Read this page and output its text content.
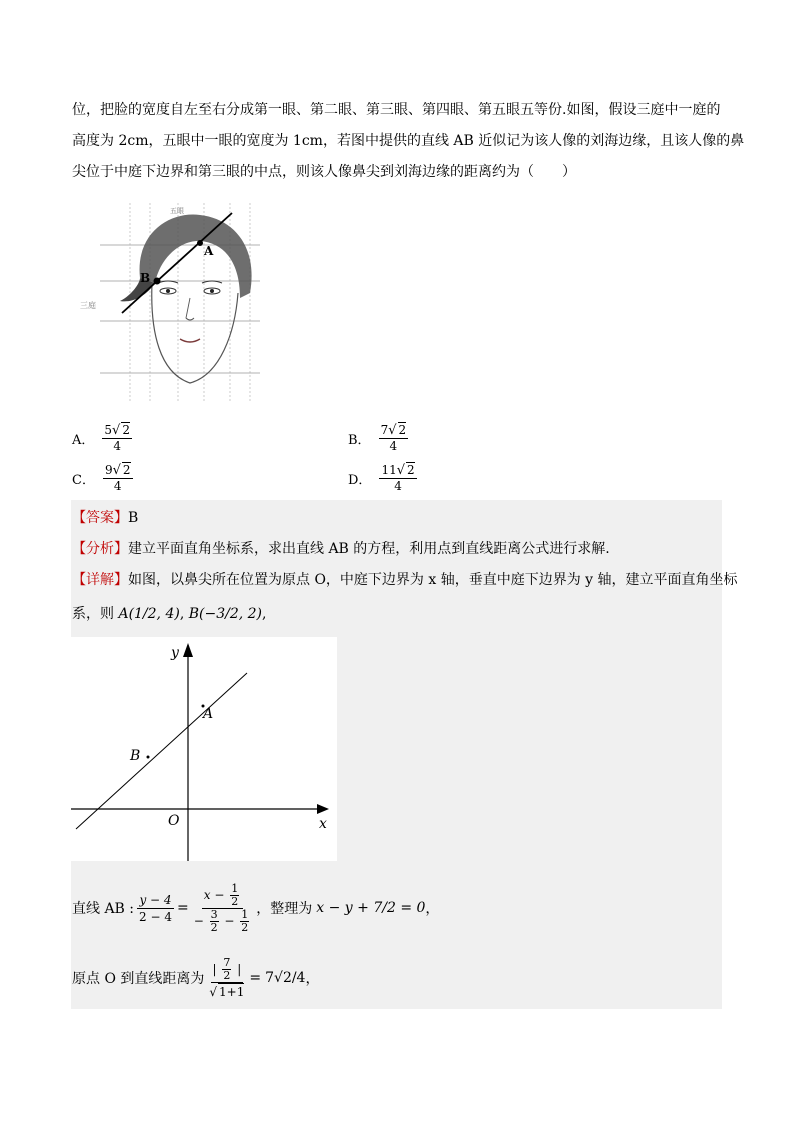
位，把脸的宽度自左至右分成第一眼、第二眼、第三眼、第四眼、第五眼五等份.如图，假设三庭中一庭的
高度为 2cm，五眼中一眼的宽度为 1cm，若图中提供的直线 AB 近似记为该人像的刘海边缘，且该人像的鼻
尖位于中庭下边界和第三眼的中点，则该人像鼻尖到刘海边缘的距离约为（　　）
A
B
五眼
三庭
A． $\frac{5√ 2}{4}$	B． $\frac{7√ 2}{4}$
C． $\frac{9√ 2}{4}$	D． $\frac{11√ 2}{4}$
【答案】B
【分析】建立平面直角坐标系，求出直线 AB 的方程，利用点到直线距离公式进行求解.
【详解】如图，以鼻尖所在位置为原点 O，中庭下边界为 x 轴，垂直中庭下边界为 y 轴，建立平面直角坐标
系，则 A(1/2, 4), B(−3/2, 2),
A
B
O	x
y
直线 AB : $\frac{y - 4}{2 - 4} = \frac{x - \frac{1}{2}}{- \frac{3}{2} - \frac{1}{2}}$ ，整理为 x − y + 7/2 = 0 ，
原点 O 到直线距离为 $\frac{| \frac{7}{2} |}{√ 1+1} = 7√2/4$ ，
